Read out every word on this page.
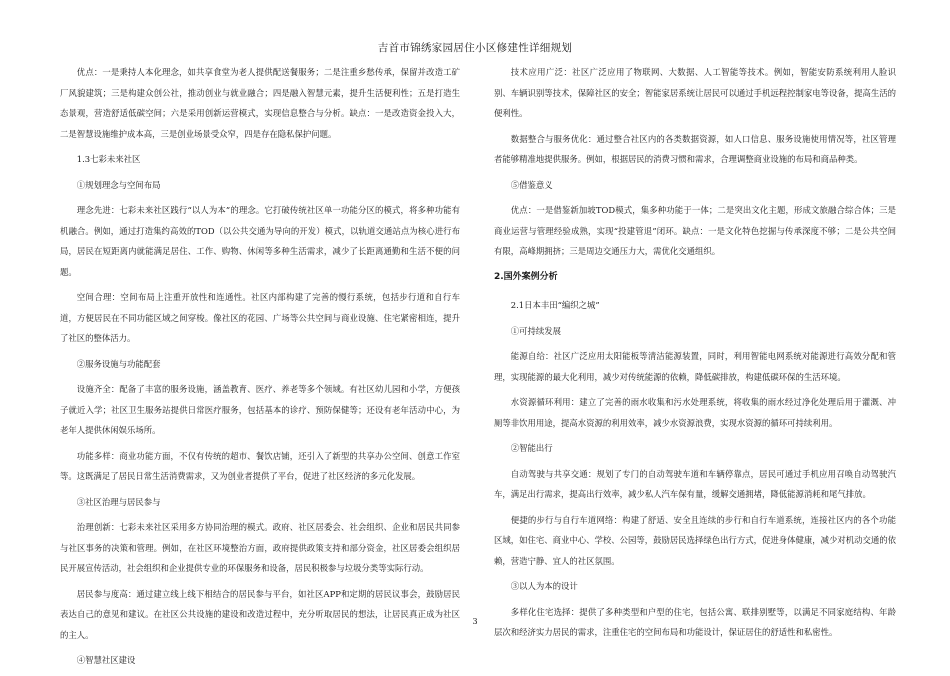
吉首市锦绣家园居住小区修建性详细规划

优点：一是秉持人本化理念，如共享食堂为老人提供配送餐服务；二是注重乡愁传承，保留并改造工矿厂风貌建筑；三是构建众创公社，推动创业与就业融合；四是融入智慧元素，提升生活便利性；五是打造生态景观，营造舒适低碳空间；六是采用创新运营模式，实现信息整合与分析。缺点：一是改造资金投入大，二是智慧设施维护成本高，三是创业场景受众窄，四是存在隐私保护问题。

1.3七彩未来社区

①规划理念与空间布局

理念先进：七彩未来社区践行“以人为本”的理念。它打破传统社区单一功能分区的模式，将多种功能有机融合。例如，通过打造集约高效的TOD（以公共交通为导向的开发）模式，以轨道交通站点为核心进行布局，居民在短距离内就能满足居住、工作、购物、休闲等多种生活需求，减少了长距离通勤和生活不便的问题。

空间合理：空间布局上注重开放性和连通性。社区内部构建了完善的慢行系统，包括步行道和自行车道，方便居民在不同功能区域之间穿梭。像社区的花园、广场等公共空间与商业设施、住宅紧密相连，提升了社区的整体活力。

②服务设施与功能配套

设施齐全：配备了丰富的服务设施，涵盖教育、医疗、养老等多个领域。有社区幼儿园和小学，方便孩子就近入学；社区卫生服务站提供日常医疗服务，包括基本的诊疗、预防保健等；还设有老年活动中心，为老年人提供休闲娱乐场所。

功能多样：商业功能方面，不仅有传统的超市、餐饮店铺，还引入了新型的共享办公空间、创意工作室等。这既满足了居民日常生活消费需求，又为创业者提供了平台，促进了社区经济的多元化发展。

③社区治理与居民参与

治理创新：七彩未来社区采用多方协同治理的模式。政府、社区居委会、社会组织、企业和居民共同参与社区事务的决策和管理。例如，在社区环境整治方面，政府提供政策支持和部分资金，社区居委会组织居民开展宣传活动，社会组织和企业提供专业的环保服务和设备，居民积极参与垃圾分类等实际行动。

居民参与度高：通过建立线上线下相结合的居民参与平台，如社区APP和定期的居民议事会，鼓励居民表达自己的意见和建议。在社区公共设施的建设和改造过程中，充分听取居民的想法，让居民真正成为社区的主人。

④智慧社区建设

技术应用广泛：社区广泛应用了物联网、大数据、人工智能等技术。例如，智能安防系统利用人脸识别、车辆识别等技术，保障社区的安全；智能家居系统让居民可以通过手机远程控制家电等设备，提高生活的便利性。

数据整合与服务优化：通过整合社区内的各类数据资源，如人口信息、服务设施使用情况等，社区管理者能够精准地提供服务。例如，根据居民的消费习惯和需求，合理调整商业设施的布局和商品种类。

⑤借鉴意义

优点：一是借鉴新加坡TOD模式，集多种功能于一体；二是突出文化主题，形成文旅融合综合体；三是商业运营与管理经验成熟，实现“投建管退”闭环。缺点：一是文化特色挖掘与传承深度不够；二是公共空间有限，高峰期拥挤；三是周边交通压力大，需优化交通组织。

2.国外案例分析

2.1日本丰田“编织之城”

①可持续发展

能源自给：社区广泛应用太阳能板等清洁能源装置，同时，利用智能电网系统对能源进行高效分配和管理，实现能源的最大化利用，减少对传统能源的依赖，降低碳排放，构建低碳环保的生活环境。

水资源循环利用：建立了完善的雨水收集和污水处理系统，将收集的雨水经过净化处理后用于灌溉、冲厕等非饮用用途，提高水资源的利用效率，减少水资源浪费，实现水资源的循环可持续利用。

②智能出行

自动驾驶与共享交通：规划了专门的自动驾驶车道和车辆停靠点，居民可通过手机应用召唤自动驾驶汽车，满足出行需求，提高出行效率，减少私人汽车保有量，缓解交通拥堵，降低能源消耗和尾气排放。

便捷的步行与自行车道网络：构建了舒适、安全且连续的步行和自行车道系统，连接社区内的各个功能区域，如住宅、商业中心、学校、公园等，鼓励居民选择绿色出行方式，促进身体健康，减少对机动交通的依赖，营造宁静、宜人的社区氛围。

③以人为本的设计

多样化住宅选择：提供了多种类型和户型的住宅，包括公寓、联排别墅等，以满足不同家庭结构、年龄层次和经济实力居民的需求，注重住宅的空间布局和功能设计，保证居住的舒适性和私密性。

3
